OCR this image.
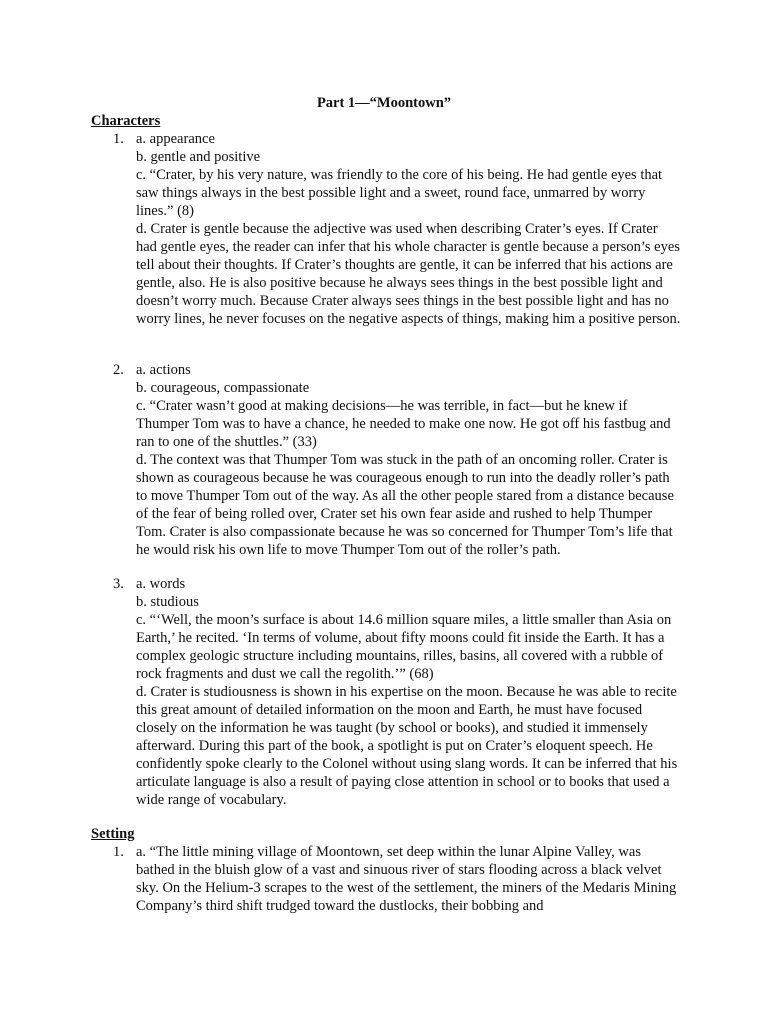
Part 1—“Moontown”

Characters

1. a. appearance
b. gentle and positive
c. “Crater, by his very nature, was friendly to the core of his being. He had gentle eyes that saw things always in the best possible light and a sweet, round face, unmarred by worry lines.” (8)
d. Crater is gentle because the adjective was used when describing Crater’s eyes. If Crater had gentle eyes, the reader can infer that his whole character is gentle because a person’s eyes tell about their thoughts. If Crater’s thoughts are gentle, it can be inferred that his actions are gentle, also. He is also positive because he always sees things in the best possible light and doesn’t worry much. Because Crater always sees things in the best possible light and has no worry lines, he never focuses on the negative aspects of things, making him a positive person.
2. a. actions
b. courageous, compassionate
c. “Crater wasn’t good at making decisions—he was terrible, in fact—but he knew if Thumper Tom was to have a chance, he needed to make one now. He got off his fastbug and ran to one of the shuttles.” (33)
d. The context was that Thumper Tom was stuck in the path of an oncoming roller. Crater is shown as courageous because he was courageous enough to run into the deadly roller’s path to move Thumper Tom out of the way. As all the other people stared from a distance because of the fear of being rolled over, Crater set his own fear aside and rushed to help Thumper Tom. Crater is also compassionate because he was so concerned for Thumper Tom’s life that he would risk his own life to move Thumper Tom out of the roller’s path.
3. a. words
b. studious
c. “‘Well, the moon’s surface is about 14.6 million square miles, a little smaller than Asia on Earth,’ he recited. ‘In terms of volume, about fifty moons could fit inside the Earth. It has a complex geologic structure including mountains, rilles, basins, all covered with a rubble of rock fragments and dust we call the regolith.’” (68)
d. Crater is studiousness is shown in his expertise on the moon. Because he was able to recite this great amount of detailed information on the moon and Earth, he must have focused closely on the information he was taught (by school or books), and studied it immensely afterward. During this part of the book, a spotlight is put on Crater’s eloquent speech. He confidently spoke clearly to the Colonel without using slang words. It can be inferred that his articulate language is also a result of paying close attention in school or to books that used a wide range of vocabulary.

Setting

1. a. “The little mining village of Moontown, set deep within the lunar Alpine Valley, was bathed in the bluish glow of a vast and sinuous river of stars flooding across a black velvet sky. On the Helium-3 scrapes to the west of the settlement, the miners of the Medaris Mining Company’s third shift trudged toward the dustlocks, their bobbing and
